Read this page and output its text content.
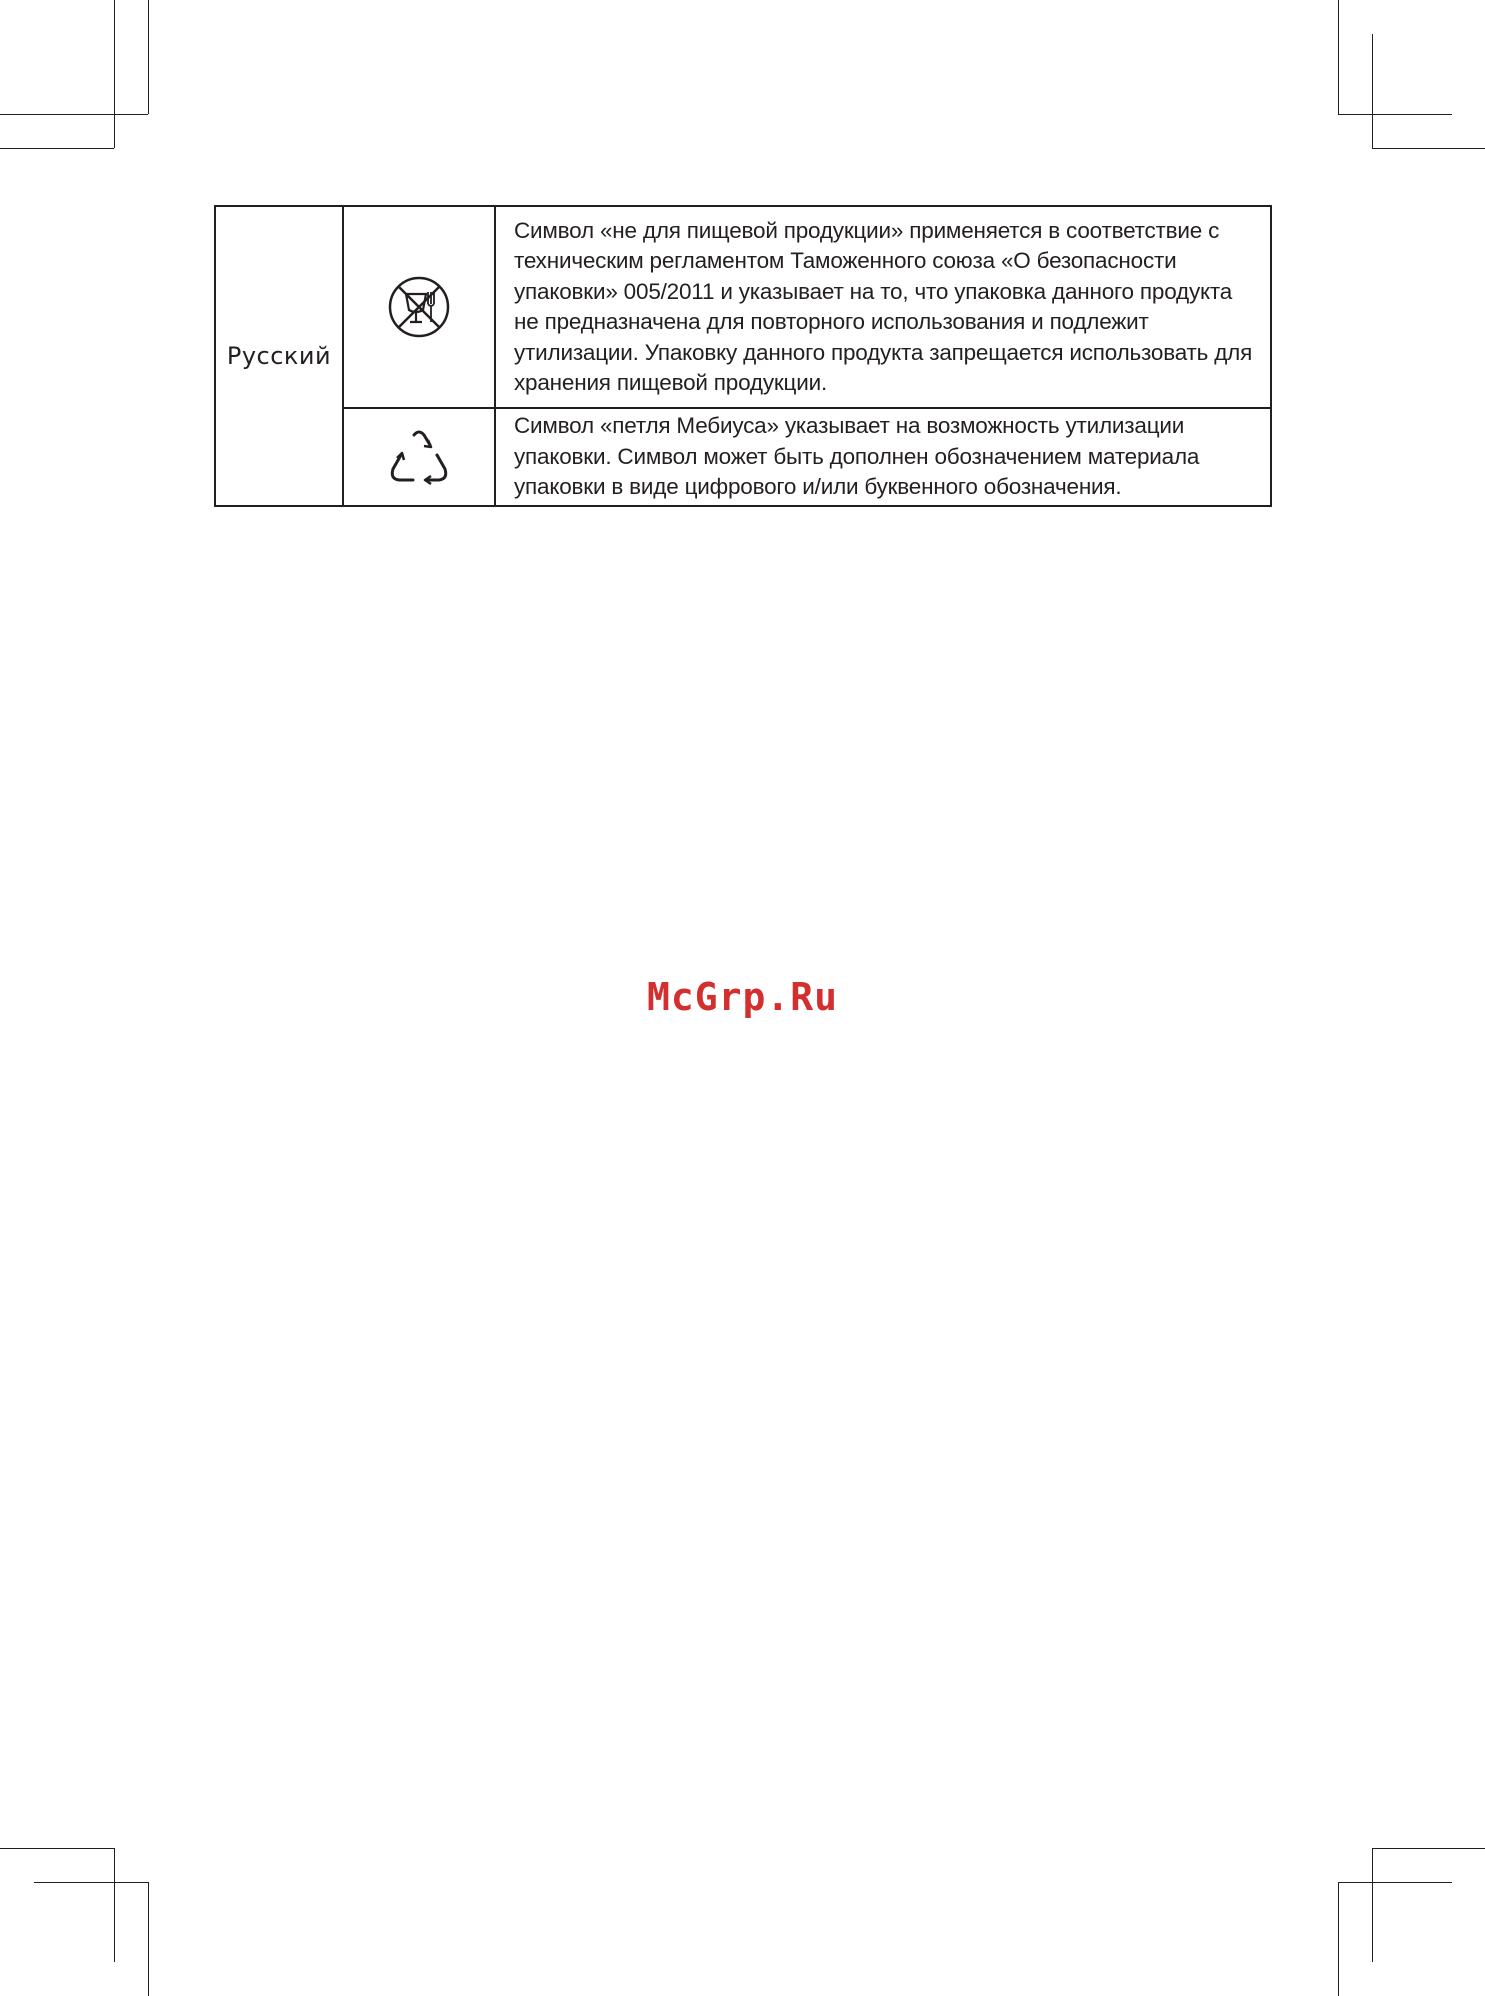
Русский		Символ «не для пищевой продукции» применяется в соответствие с техническим регламентом Таможенного союза «О безопасности упаковки» 005/2011 и указывает на то, что упаковка данного продукта не предназначена для повторного использования и подлежит утилизации. Упаковку данного продукта запрещается использовать для хранения пищевой продукции.

	Символ «петля Мебиуса» указывает на возможность утилизации упаковки. Символ может быть дополнен обозначением материала упаковки в виде цифрового и/или буквенного обозначения.
McGrp.Ru
